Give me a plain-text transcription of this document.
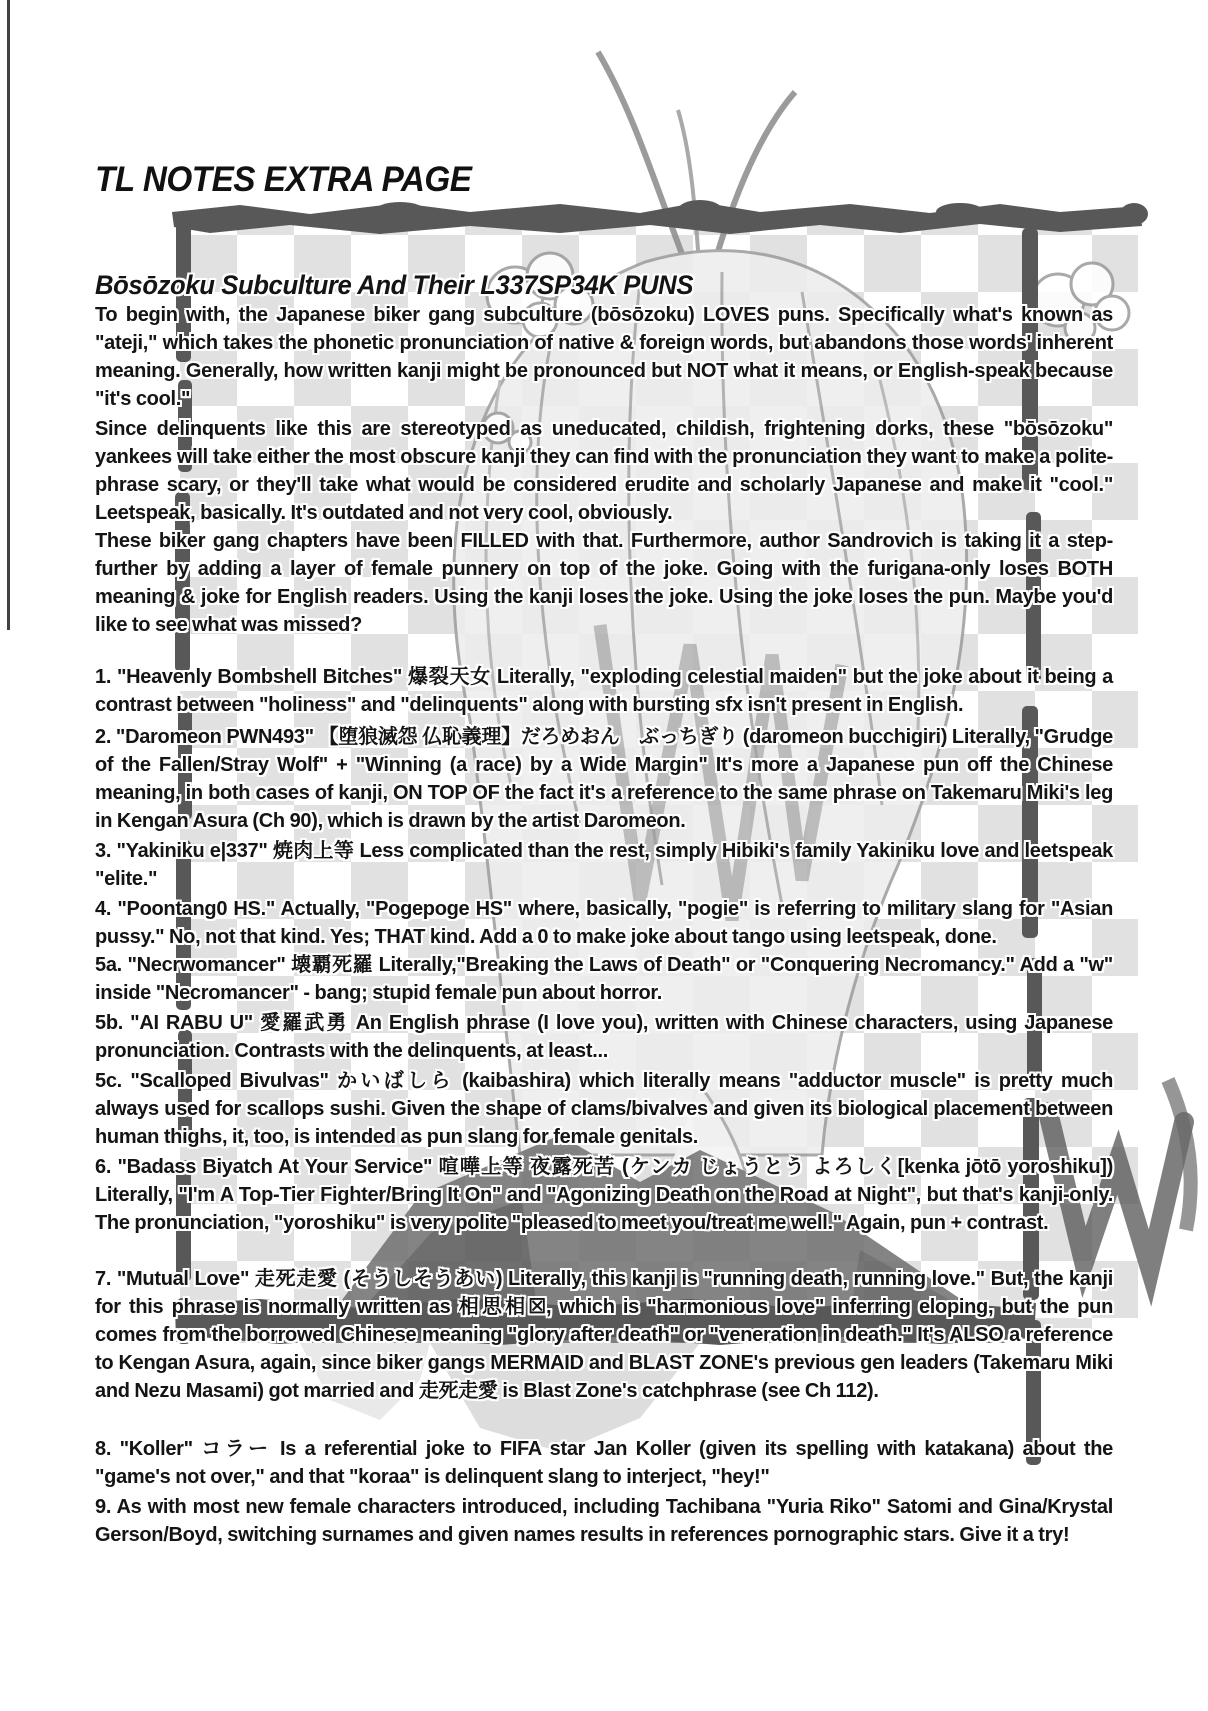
TL NOTES EXTRA PAGE
Bōsōzoku Subculture And Their L337SP34K PUNS

To begin with, the Japanese biker gang subculture (bōsōzoku) LOVES puns. Specifically what's known as "ateji," which takes the phonetic pronunciation of native & foreign words, but abandons those words' inherent meaning. Generally, how written kanji might be pronounced but NOT what it means, or English-speak because "it's cool."

Since delinquents like this are stereotyped as uneducated, childish, frightening dorks, these "bōsōzoku" yankees will take either the most obscure kanji they can find with the pronunciation they want to make a polite-phrase scary, or they'll take what would be considered erudite and scholarly Japanese and make it "cool." Leetspeak, basically. It's outdated and not very cool, obviously.

These biker gang chapters have been FILLED with that. Furthermore, author Sandrovich is taking it a step-further by adding a layer of female punnery on top of the joke. Going with the furigana-only loses BOTH meaning & joke for English readers. Using the kanji loses the joke. Using the joke loses the pun. Maybe you'd like to see what was missed?

1. "Heavenly Bombshell Bitches" 爆裂天女 Literally, "exploding celestial maiden" but the joke about it being a contrast between "holiness" and "delinquents" along with bursting sfx isn't present in English.

2. "Daromeon PWN493" 【堕狼滅怨 仏恥義理】だろめおん　ぶっちぎり (daromeon bucchigiri) Literally, "Grudge of the Fallen/Stray Wolf" + "Winning (a race) by a Wide Margin" It's more a Japanese pun off the Chinese meaning, in both cases of kanji, ON TOP OF the fact it's a reference to the same phrase on Takemaru Miki's leg in Kengan Asura (Ch 90), which is drawn by the artist Daromeon.

3. "Yakiniku e|337" 焼肉上等 Less complicated than the rest, simply Hibiki's family Yakiniku love and leetspeak "elite."

4. "Poontang0 HS." Actually, "Pogepoge HS" where, basically, "pogie" is referring to military slang for "Asian pussy." No, not that kind. Yes; THAT kind. Add a 0 to make joke about tango using leetspeak, done.

5a. "Necrwomancer" 壊覇死羅 Literally,"Breaking the Laws of Death" or "Conquering Necromancy." Add a "w" inside "Necromancer" - bang; stupid female pun about horror.

5b. "AI RABU U" 愛羅武勇 An English phrase (I love you), written with Chinese characters, using Japanese pronunciation. Contrasts with the delinquents, at least...

5c. "Scalloped Bivulvas" かいばしら (kaibashira) which literally means "adductor muscle" is pretty much always used for scallops sushi. Given the shape of clams/bivalves and given its biological placement between human thighs, it, too, is intended as pun slang for female genitals.

6. "Badass Biyatch At Your Service" 喧嘩上等 夜露死苦 (ケンカ じょうとう よろしく[kenka jōtō yoroshiku]) Literally, "I'm A Top-Tier Fighter/Bring It On" and "Agonizing Death on the Road at Night", but that's kanji-only. The pronunciation, "yoroshiku" is very polite "pleased to meet you/treat me well." Again, pun + contrast.

7. "Mutual Love" 走死走愛 (そうしそうあい) Literally, this kanji is "running death, running love." But, the kanji for this phrase is normally written as 相思相☒, which is "harmonious love" inferring eloping, but the pun comes from the borrowed Chinese meaning "glory after death" or "veneration in death." It's ALSO a reference to Kengan Asura, again, since biker gangs MERMAID and BLAST ZONE's previous gen leaders (Takemaru Miki and Nezu Masami) got married and 走死走愛 is Blast Zone's catchphrase (see Ch 112).

8. "Koller" コラー Is a referential joke to FIFA star Jan Koller (given its spelling with katakana) about the "game's not over," and that "koraa" is delinquent slang to interject, "hey!"

9. As with most new female characters introduced, including Tachibana "Yuria Riko" Satomi and Gina/Krystal Gerson/Boyd, switching surnames and given names results in references pornographic stars. Give it a try!
